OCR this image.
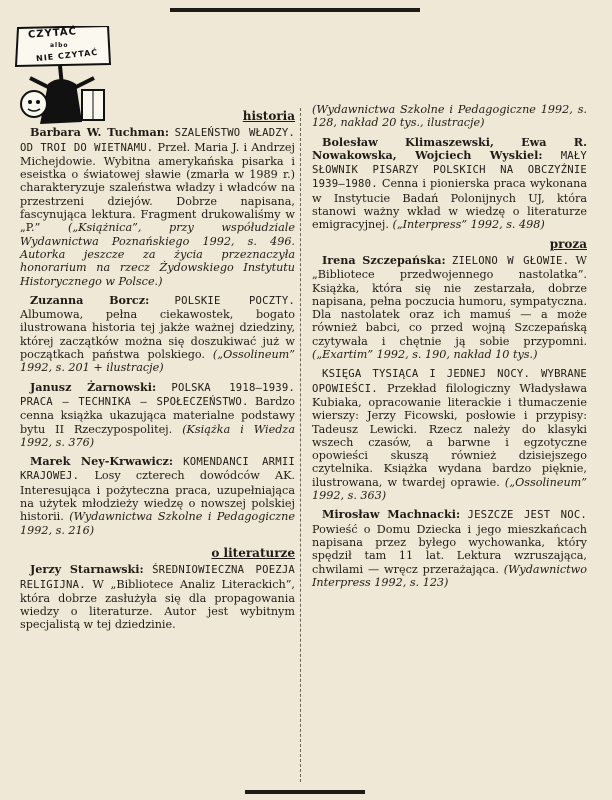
CZYTAĆ
albo
NIE CZYTAĆ
historia

Barbara W. Tuchman: SZALEŃSTWO WŁADZY. OD TROI DO WIETNAMU. Przeł. Maria J. i Andrzej Michejdowie. Wybitna amerykańska pisarka i eseistka o światowej sławie (zmarła w 1989 r.) charakteryzuje szaleństwa władzy i władców na przestrzeni dziejów. Dobrze napisana, fascynująca lektura. Fragment drukowaliśmy w „P.” („Książnica”, przy współudziale Wydawnictwa Poznańskiego 1992, s. 496. Autorka jeszcze za życia przeznaczyła honorarium na rzecz Żydowskiego Instytutu Historycznego w Polsce.)

Zuzanna Borcz: POLSKIE POCZTY. Albumowa, pełna ciekawostek, bogato ilustrowana historia tej jakże ważnej dziedziny, której zaczątków można się doszukiwać już w początkach państwa polskiego. („Ossolineum” 1992, s. 201 + ilustracje)

Janusz Żarnowski: POLSKA 1918—1939. PRACA — TECHNIKA — SPOŁECZEŃSTWO. Bardzo cenna książka ukazująca materialne podstawy bytu II Rzeczypospolitej. (Książka i Wiedza 1992, s. 376)

Marek Ney-Krwawicz: KOMENDANCI ARMII KRAJOWEJ. Losy czterech dowódców AK. Interesująca i pożyteczna praca, uzupełniająca na użytek młodzieży wiedzę o nowszej polskiej historii. (Wydawnictwa Szkolne i Pedagogiczne 1992, s. 216)

o literaturze

Jerzy Starnawski: ŚREDNIOWIECZNA POEZJA RELIGIJNA. W „Bibliotece Analiz Literackich”, która dobrze zasłużyła się dla propagowania wiedzy o literaturze. Autor jest wybitnym specjalistą w tej dziedzinie.

(Wydawnictwa Szkolne i Pedagogiczne 1992, s. 128, nakład 20 tys., ilustracje)

Bolesław Klimaszewski, Ewa R. Nowakowska, Wojciech Wyskiel: MAŁY SŁOWNIK PISARZY POLSKICH NA OBCZYŹNIE 1939—1980. Cenna i pionierska praca wykonana w Instytucie Badań Polonijnych UJ, która stanowi ważny wkład w wiedzę o literaturze emigracyjnej. („Interpress” 1992, s. 498)

proza

Irena Szczepańska: ZIELONO W GŁOWIE. W „Bibliotece przedwojennego nastolatka”. Książka, która się nie zestarzała, dobrze napisana, pełna poczucia humoru, sympatyczna. Dla nastolatek oraz ich mamuś — a może również babci, co przed wojną Szczepańską czytywała i chętnie ją sobie przypomni. („Exartim” 1992, s. 190, nakład 10 tys.)

KSIĘGA TYSIĄCA I JEDNEJ NOCY. WYBRANE OPOWIEŚCI. Przekład filologiczny Władysława Kubiaka, opracowanie literackie i tłumaczenie wierszy: Jerzy Ficowski, posłowie i przypisy: Tadeusz Lewicki. Rzecz należy do klasyki wszech czasów, a barwne i egzotyczne opowieści skuszą również dzisiejszego czytelnika. Książka wydana bardzo pięknie, ilustrowana, w twardej oprawie. („Ossolineum” 1992, s. 363)

Mirosław Machnacki: JESZCZE JEST NOC. Powieść o Domu Dziecka i jego mieszkańcach napisana przez byłego wychowanka, który spędził tam 11 lat. Lektura wzruszająca, chwilami — wręcz przerażająca. (Wydawnictwo Interpress 1992, s. 123)
